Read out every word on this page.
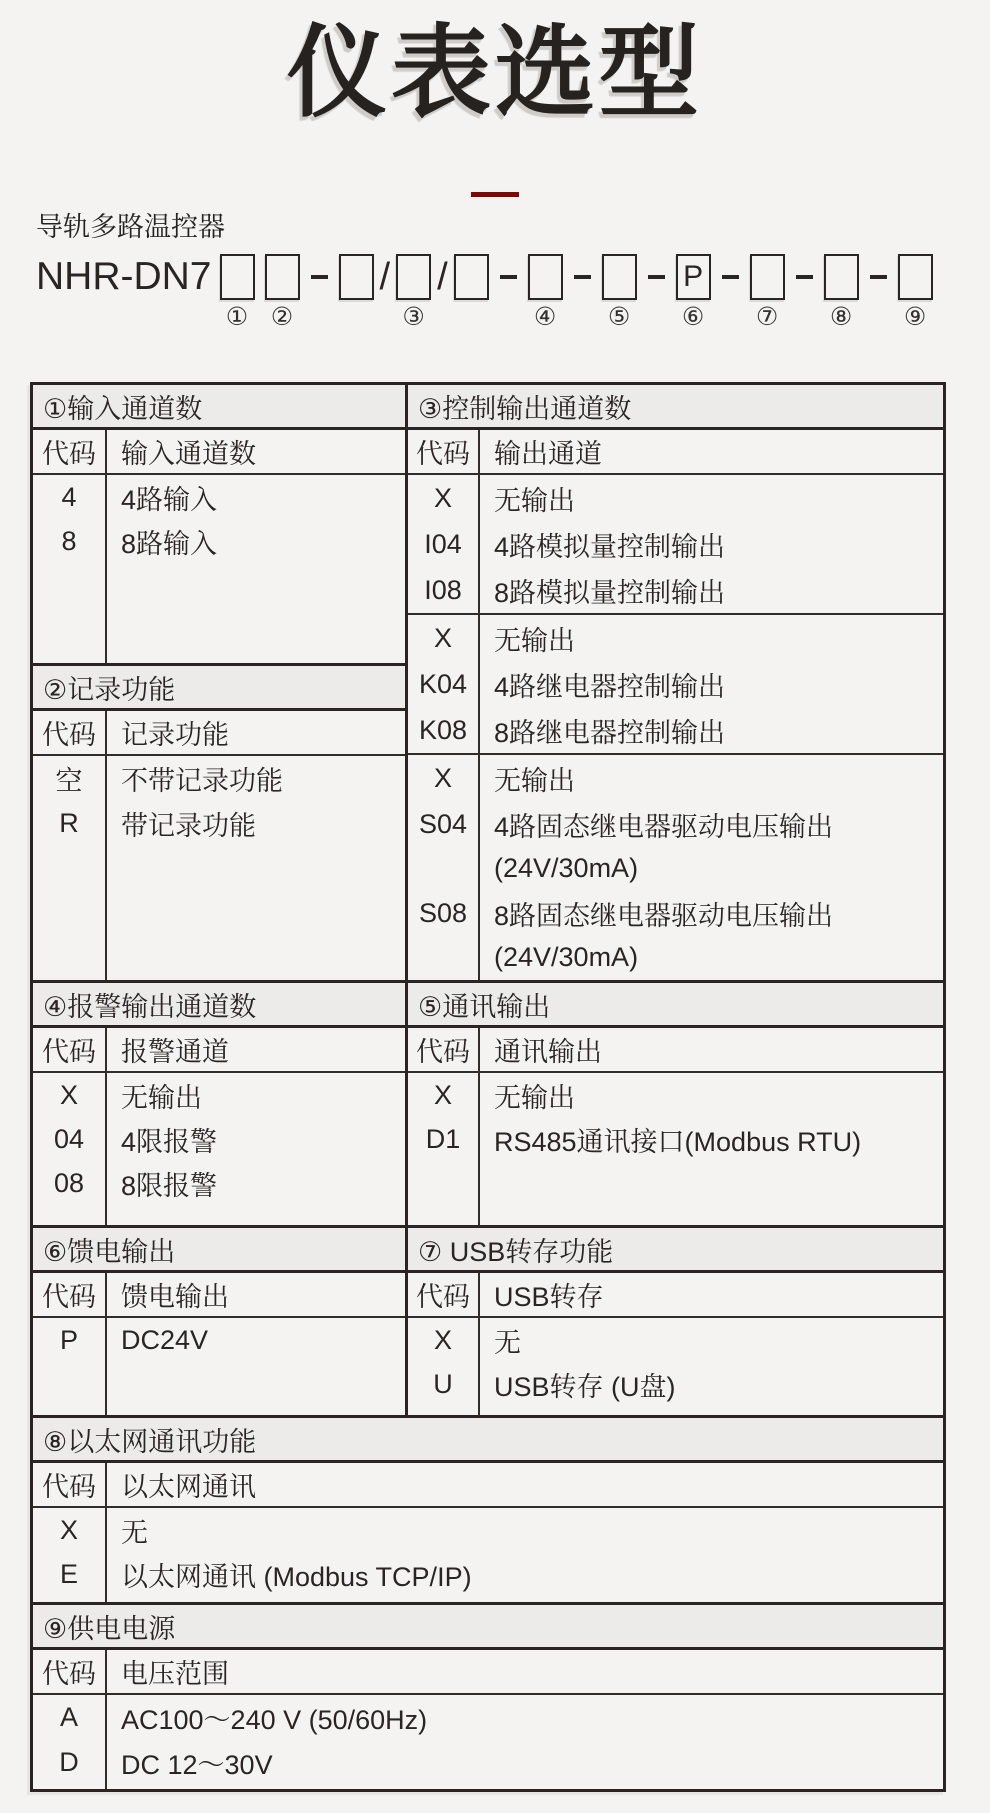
仪表选型
导轨多路温控器
NHR-DN7
① ②
/
③
/
④ ⑤
P
⑥ ⑦ ⑧ ⑨
①输入通道数
代码 输入通道数
4	4路输入
8	8路输入
②记录功能
代码 记录功能
空	不带记录功能
R	带记录功能
③控制输出通道数
代码 输出通道
X	无输出
I04	4路模拟量控制输出
I08	8路模拟量控制输出
X	无输出
K04 4路继电器控制输出
K08 8路继电器控制输出
X	无输出
S04 4路固态继电器驱动电压输出
(24V/30mA)
S08 8路固态继电器驱动电压输出
(24V/30mA)
④报警输出通道数
代码 报警通道
X	无输出
04	4限报警
08	8限报警
⑤通讯输出
代码 通讯输出
X	无输出
D1	RS485通讯接口(Modbus RTU)
⑥馈电输出
代码 馈电输出
P	DC24V
⑦ USB转存功能
代码 USB转存
X	无
U	USB转存 (U盘)
⑧以太网通讯功能
代码 以太网通讯
X	无
E	以太网通讯 (Modbus TCP/IP)
⑨供电电源
代码 电压范围
A	AC100～240 V (50/60Hz)
D	DC 12～30V
